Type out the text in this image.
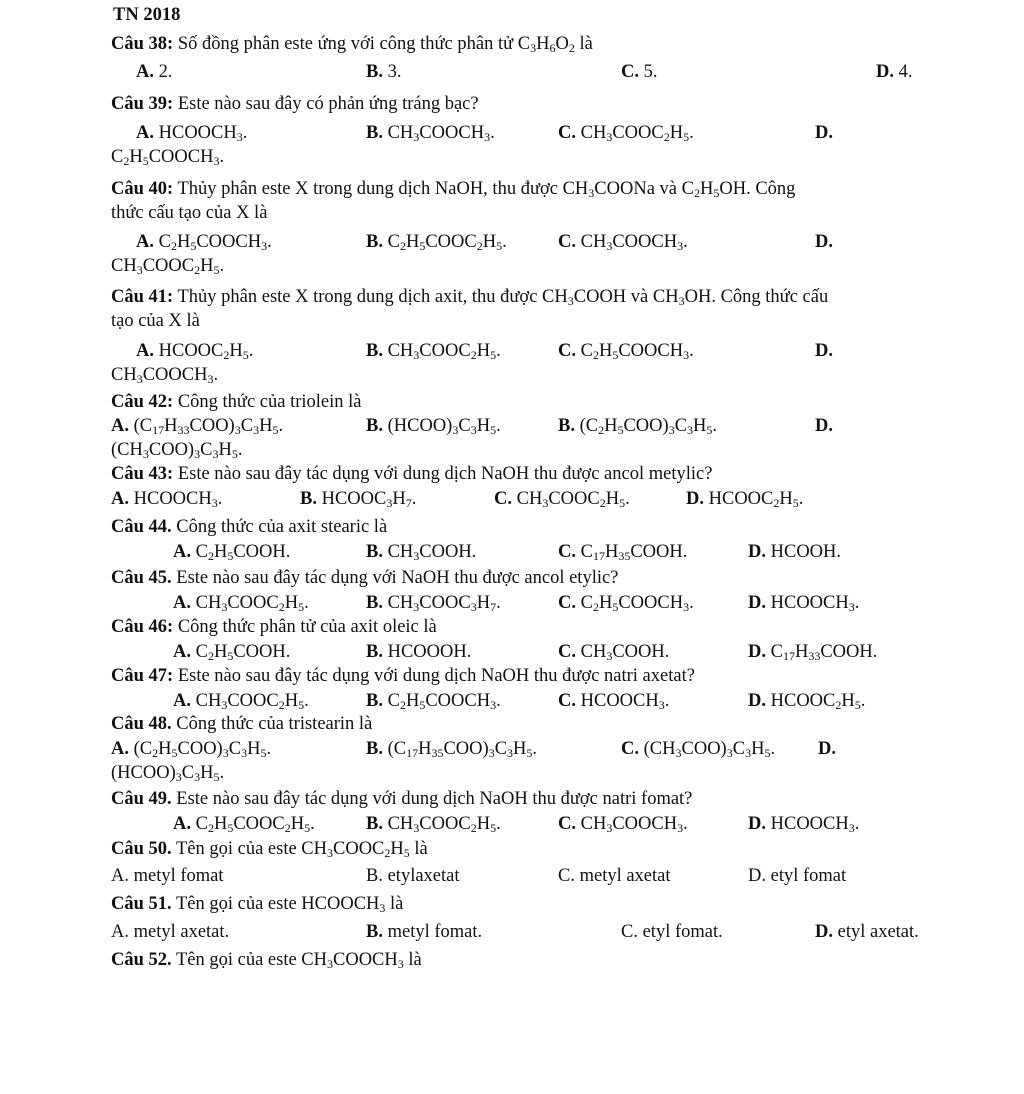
TN 2018
Câu 38: Số đồng phân este ứng với công thức phân tử $C_3H_6O_2$ là
A. 2.	B. 3.	C. 5.	D. 4.
Câu 39: Este nào sau đây có phản ứng tráng bạc?
A. $HCOOCH_3$.	B. $CH_3COOCH_3$.	C. $CH_3COOC_2H_5$.	D.
$C_2H_5COOCH_3$.
Câu 40: Thủy phân este X trong dung dịch NaOH, thu được $CH_3COONa$ và $C_2H_5OH$. Công
thức cấu tạo của X là
A. $C_2H_5COOCH_3$.	B. $C_2H_5COOC_2H_5$.	C. $CH_3COOCH_3$.	D.
$CH_3COOC_2H_5$.
Câu 41: Thủy phân este X trong dung dịch axit, thu được $CH_3COOH$ và $CH_3OH$. Công thức cấu
tạo của X là
A. $HCOOC_2H_5$.	B. $CH_3COOC_2H_5$.	C. $C_2H_5COOCH_3$.	D.
$CH_3COOCH_3$.
Câu 42: Công thức của triolein là
A. $(C_{17}H_{33}COO)_3C_3H_5$.	B. $(HCOO)_3C_3H_5$.	B. $(C_2H_5COO)_3C_3H_5$.	D.
$(CH_3COO)_3C_3H_5$.
Câu 43: Este nào sau đây tác dụng với dung dịch NaOH thu được ancol metylic?
A. $HCOOCH_3$.	B. $HCOOC_3H_7$.	C. $CH_3COOC_2H_5$.	D. $HCOOC_2H_5$.
Câu 44. Công thức của axit stearic là
A. $C_2H_5COOH$.	B. $CH_3COOH$.	C. $C_{17}H_{35}COOH$.	D. HCOOH.
Câu 45. Este nào sau đây tác dụng với NaOH thu được ancol etylic?
A. $CH_3COOC_2H_5$.	B. $CH_3COOC_3H_7$.	C. $C_2H_5COOCH_3$.	D. $HCOOCH_3$.
Câu 46: Công thức phân tử của axit oleic là
A. $C_2H_5COOH$.	B. HCOOOH.	C. $CH_3COOH$.	D. $C_{17}H_{33}COOH$.
Câu 47: Este nào sau đây tác dụng với dung dịch NaOH thu được natri axetat?
A. $CH_3COOC_2H_5$.	B. $C_2H_5COOCH_3$.	C. $HCOOCH_3$.	D. $HCOOC_2H_5$.
Câu 48. Công thức của tristearin là
A. $(C_2H_5COO)_3C_3H_5$.	B. $(C_{17}H_{35}COO)_3C_3H_5$.	C. $(CH_3COO)_3C_3H_5$. D.
$(HCOO)_3C_3H_5$.
Câu 49. Este nào sau đây tác dụng với dung dịch NaOH thu được natri fomat?
A. $C_2H_5COOC_2H_5$.	B. $CH_3COOC_2H_5$.	C. $CH_3COOCH_3$.	D. $HCOOCH_3$.
Câu 50. Tên gọi của este $CH_3COOC_2H_5$ là
A. metyl fomat	B. etylaxetat	C. metyl axetat	D. etyl fomat
Câu 51. Tên gọi của este $HCOOCH_3$ là
A. metyl axetat.	B. metyl fomat.	C. etyl fomat.	D. etyl axetat.
Câu 52. Tên gọi của este $CH_3COOCH_3$ là
